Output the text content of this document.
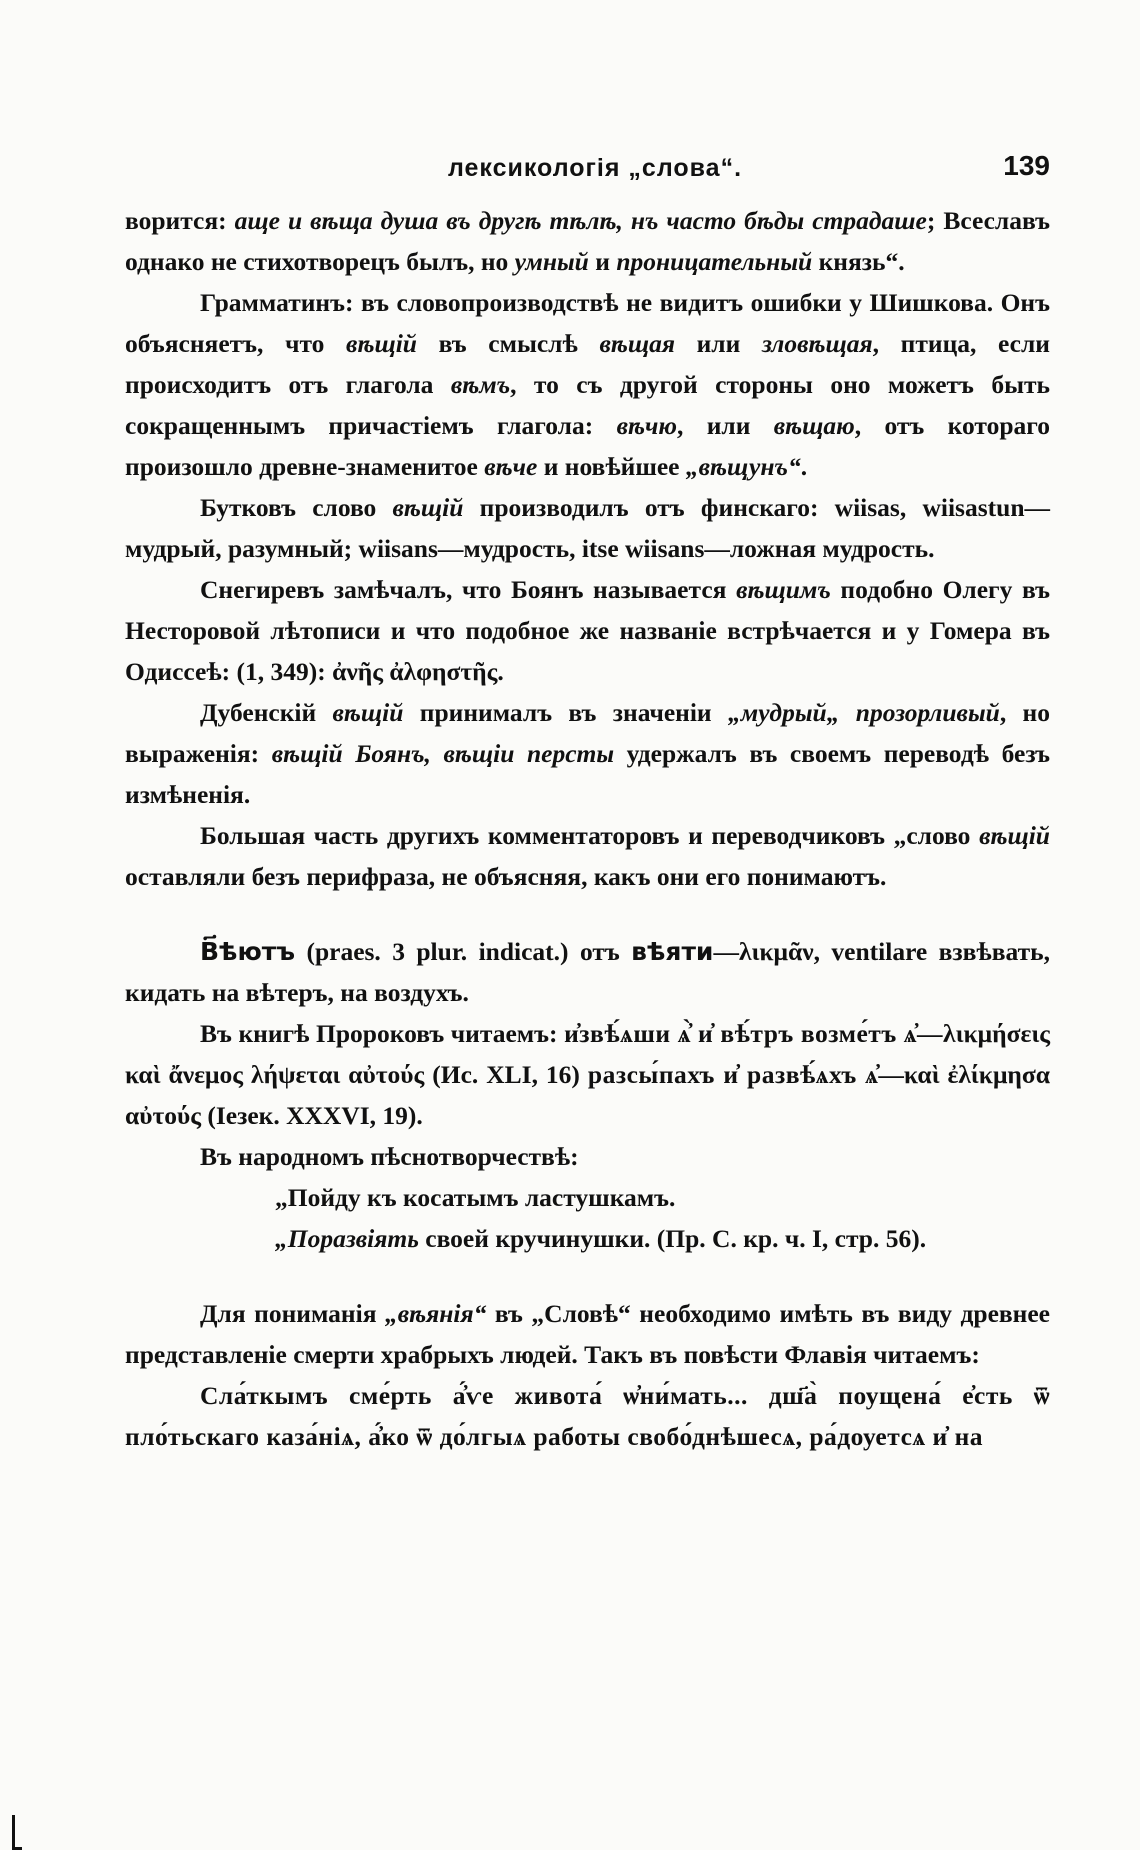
лексикологія „слова“.	139

ворится: аще и вѣща душа въ другѣ тѣлѣ, нъ часто бѣды страдаше; Всеславъ однако не стихотворецъ былъ, но умный и проницательный князь“.

Грамматинъ: въ словопроизводствѣ не видитъ ошибки у Шишкова. Онъ объясняетъ, что вѣщій въ смыслѣ вѣщая или зловѣщая, птица, если происходитъ отъ глагола вѣмъ, то съ другой стороны оно можетъ быть сокращеннымъ причастіемъ глагола: вѣчю, или вѣщаю, отъ котораго произошло древне-знаменитое вѣче и новѣйшее „вѣщунъ“.

Бутковъ слово вѣщій производилъ отъ финскаго: wiisas, wiisastun—мудрый, разумный; wiisans—мудрость, itse wiisans—ложная мудрость.

Снегиревъ замѣчалъ, что Боянъ называется вѣщимъ подобно Олегу въ Несторовой лѣтописи и что подобное же названіе встрѣчается и у Гомера въ Одиссеѣ: (1, 349): ἀνῆς ἀλφηστῆς.

Дубенскій вѣщій принималъ въ значеніи „мудрый„ прозорливый, но выраженія: вѣщій Боянъ, вѣщіи персты удержалъ въ своемъ переводѣ безъ измѣненія.

Большая часть другихъ комментаторовъ и переводчиковъ „слово вѣщій оставляли безъ перифраза, не объясняя, какъ они его понимаютъ.

В҃ѣютъ (praes. 3 plur. indicat.) отъ вѣяти—λικμᾶν, ventilare взвѣвать, кидать на вѣтеръ, на воздухъ.

Въ книгѣ Пророковъ читаемъ: и҆звѣ́ѧши ѧ҆̀ и҆ вѣ́тръ возме́тъ ѧ҆—λικμήσεις καὶ ἄνεμος λήψεται αὐτούς (Ис. XLI, 16) разсы́пахъ и҆ развѣ́ѧхъ ѧ҆—καὶ ἐλίκμησα αὐτούς (Iезек. XXXVI, 19).

Въ народномъ пѣснотворчествѣ:

„Пойду къ косатымъ ластушкамъ.
„Поразвіять своей кручинушки. (Пр. С. кр. ч. I, стр. 56).

Для пониманія „вѣянія“ въ „Словѣ“ необходимо имѣть въ виду древнее представленіе смерти храбрыхъ людей. Такъ въ повѣсти Флавія читаемъ:

Сла́ткымъ сме́рть а҆́ѵе живота́ ѡ҆ни́мать... дш҃а̀ поущена́ е҆сть ѿ пло́тьскаго каза́ніѧ, а҆́ко ѿ до́лгыѧ работы свобо́днѣшесѧ, ра́доуетсѧ и҆ на
